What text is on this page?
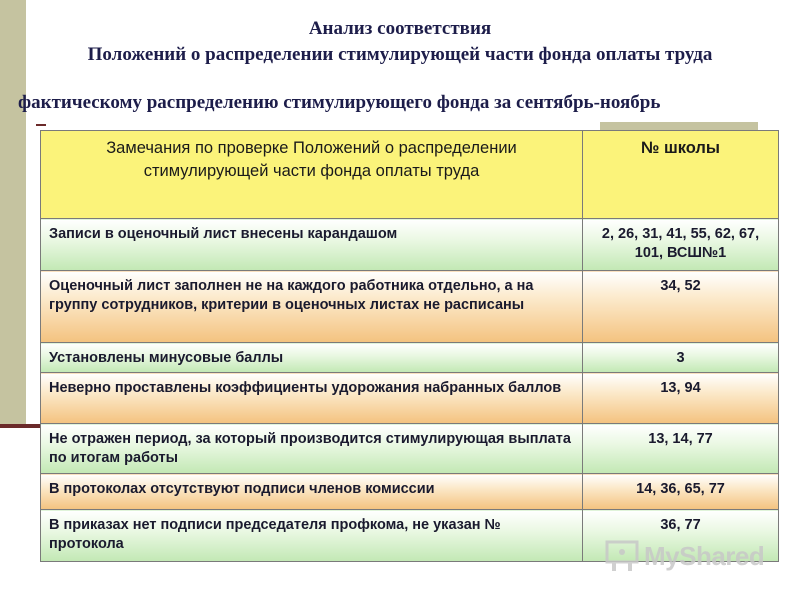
Анализ соответствия
Положений о распределении стимулирующей части фонда оплаты труда
фактическому распределению стимулирующего фонда за сентябрь-ноябрь
Замечания по проверке Положений о распределении стимулирующей части фонда оплаты труда	№ школы

Записи в оценочный лист внесены карандашом	2, 26, 31, 41, 55, 62, 67, 101, ВСШ№1

Оценочный лист заполнен не на каждого работника отдельно, а на группу сотрудников, критерии в оценочных листах не расписаны	34, 52

Установлены минусовые баллы	3

Неверно проставлены коэффициенты удорожания набранных баллов	13, 94

Не отражен период, за который производится стимулирующая выплата по итогам работы	13, 14, 77

В протоколах отсутствуют подписи членов комиссии	14, 36, 65, 77

В приказах нет подписи председателя профкома, не указан № протокола	36, 77
MyShared
